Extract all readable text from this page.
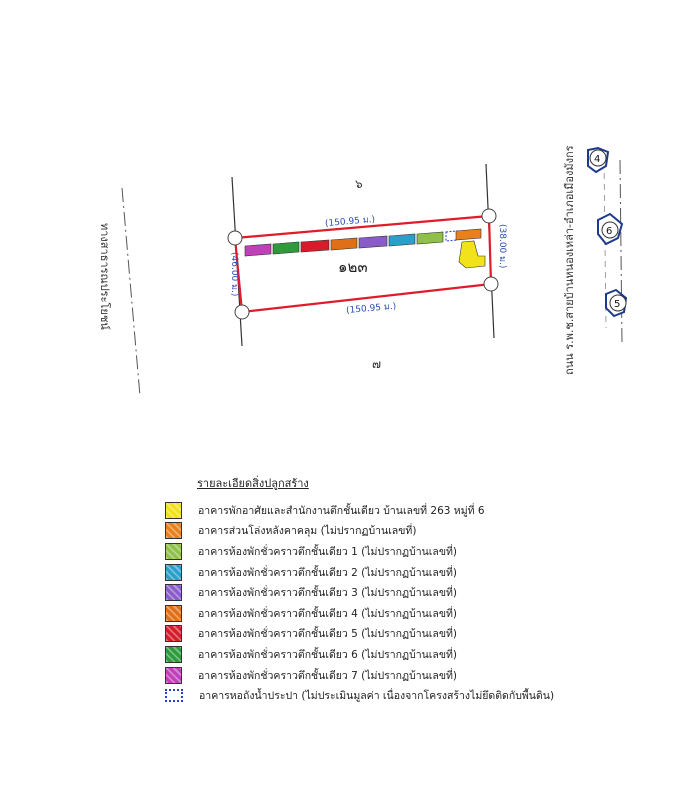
๖
๗
๑๒๓
(150.95 ม.)
(150.95 ม.)
(46.00 ม.)
(38.00 ม.)
4
6
5
ทางสาธารณประโยชน์	ถนน ร.พ.ช.สายบ้านหนองเหล่า-อำเภอเมืองมังกร
รายละเอียดสิ่งปลูกสร้าง
อาคารพักอาศัยและสำนักงานตึกชั้นเดียว บ้านเลขที่ 263 หมู่ที่ 6
อาคารส่วนโล่งหลังคาคลุม (ไม่ปรากฏบ้านเลขที่)
อาคารห้องพักชั่วคราวตึกชั้นเดียว 1 (ไม่ปรากฏบ้านเลขที่)
อาคารห้องพักชั่วคราวตึกชั้นเดียว 2 (ไม่ปรากฏบ้านเลขที่)
อาคารห้องพักชั่วคราวตึกชั้นเดียว 3 (ไม่ปรากฏบ้านเลขที่)
อาคารห้องพักชั่วคราวตึกชั้นเดียว 4 (ไม่ปรากฏบ้านเลขที่)
อาคารห้องพักชั่วคราวตึกชั้นเดียว 5 (ไม่ปรากฏบ้านเลขที่)
อาคารห้องพักชั่วคราวตึกชั้นเดียว 6 (ไม่ปรากฏบ้านเลขที่)
อาคารห้องพักชั่วคราวตึกชั้นเดียว 7 (ไม่ปรากฏบ้านเลขที่)
อาคารหอถังน้ำประปา (ไม่ประเมินมูลค่า เนื่องจากโครงสร้างไม่ยึดติดกับพื้นดิน)
